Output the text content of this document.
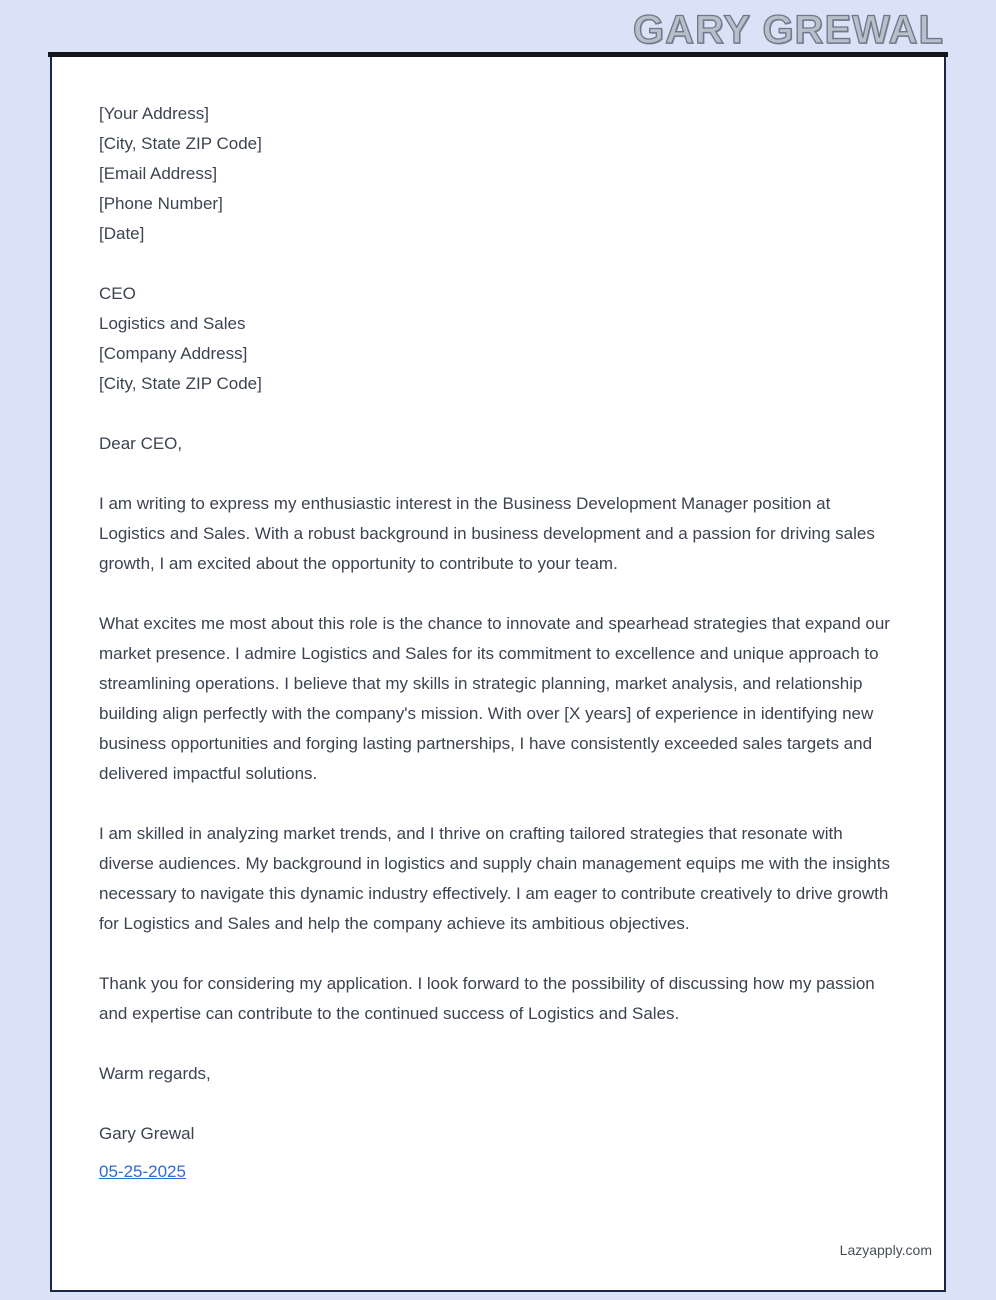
GARY GREWAL

[Your Address]

[City, State ZIP Code]

[Email Address]

[Phone Number]

[Date]

CEO

Logistics and Sales

[Company Address]

[City, State ZIP Code]

Dear CEO,

I am writing to express my enthusiastic interest in the Business Development Manager position at Logistics and Sales. With a robust background in business development and a passion for driving sales growth, I am excited about the opportunity to contribute to your team.

What excites me most about this role is the chance to innovate and spearhead strategies that expand our market presence. I admire Logistics and Sales for its commitment to excellence and unique approach to streamlining operations. I believe that my skills in strategic planning, market analysis, and relationship building align perfectly with the company's mission. With over [X years] of experience in identifying new business opportunities and forging lasting partnerships, I have consistently exceeded sales targets and delivered impactful solutions.

I am skilled in analyzing market trends, and I thrive on crafting tailored strategies that resonate with diverse audiences. My background in logistics and supply chain management equips me with the insights necessary to navigate this dynamic industry effectively. I am eager to contribute creatively to drive growth for Logistics and Sales and help the company achieve its ambitious objectives.

Thank you for considering my application. I look forward to the possibility of discussing how my passion and expertise can contribute to the continued success of Logistics and Sales.

Warm regards,

Gary Grewal

05-25-2025
Lazyapply.com
